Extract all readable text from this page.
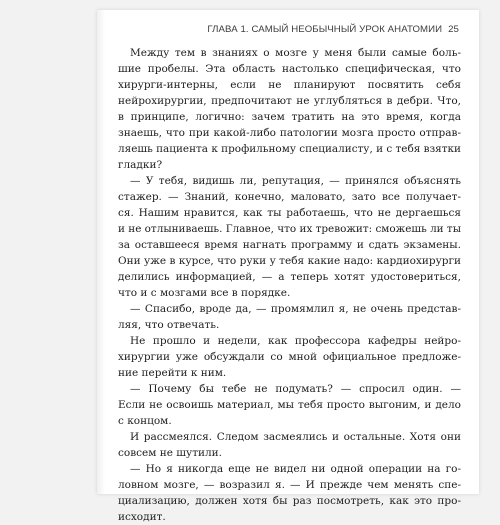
ГЛАВА 1. САМЫЙ НЕОБЫЧНЫЙ УРОК АНАТОМИИ 25
Между тем в знаниях о мозге у меня были самые боль-
шие пробелы. Эта область настолько специфическая, что
хирурги-интерны, если не планируют посвятить себя
нейрохирургии, предпочитают не углубляться в дебри. Что,
в принципе, логично: зачем тратить на это время, когда
знаешь, что при какой-либо патологии мозга просто отправ-
ляешь пациента к профильному специалисту, и с тебя взятки
гладки?
— У тебя, видишь ли, репутация, — принялся объяснять
стажер. — Знаний, конечно, маловато, зато все получает-
ся. Нашим нравится, как ты работаешь, что не дергаешься
и не отлыниваешь. Главное, что их тревожит: сможешь ли ты
за оставшееся время нагнать программу и сдать экзамены.
Они уже в курсе, что руки у тебя какие надо: кардиохирурги
делились информацией, — а теперь хотят удостовериться,
что и с мозгами все в порядке.
— Спасибо, вроде да, — промямлил я, не очень представ-
ляя, что отвечать.
Не прошло и недели, как профессора кафедры нейро-
хирургии уже обсуждали со мной официальное предложе-
ние перейти к ним.
— Почему бы тебе не подумать? — спросил один. —
Если не освоишь материал, мы тебя просто выгоним, и дело
с концом.
И рассмеялся. Следом засмеялись и остальные. Хотя они
совсем не шутили.
— Но я никогда еще не видел ни одной операции на го-
ловном мозге, — возразил я. — И прежде чем менять спе-
циализацию, должен хотя бы раз посмотреть, как это про-
исходит.
